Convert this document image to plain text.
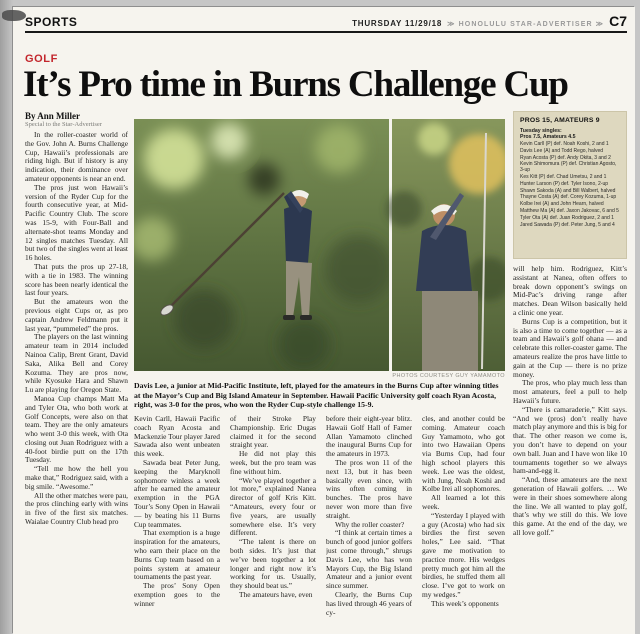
SPORTS	THURSDAY 11/29/18 ≫ HONOLULU STAR-ADVERTISER ≫ C7
GOLF
It’s Pro time in Burns Challenge Cup
By Ann Miller
Special to the Star-Advertiser

In the roller-coaster world of the Gov. John A. Burns Challenge Cup, Hawaii’s professionals are riding high. But if history is any indication, their dominance over amateur opponents is near an end.

The pros just won Hawaii’s version of the Ryder Cup for the fourth consecutive year, at Mid-Pacific Country Club. The score was 15-9, with Four-Ball and alternate-shot teams Monday and 12 singles matches Tuesday. All but two of the singles went at least 16 holes.

That puts the pros up 27-18, with a tie in 1983. The winning score has been nearly identical the last four years.

But the amateurs won the previous eight Cups or, as pro captain Andrew Feldmann put it last year, “pummeled” the pros.

The players on the last winning amateur team in 2014 included Nainoa Calip, Brent Grant, David Saka, Alika Bell and Corey Kozuma. They are pros now, while Kyosuke Hara and Shawn Lu are playing for Oregon State.

Manoa Cup champs Matt Ma and Tyler Ota, who both work at Golf Concepts, were also on that team. They are the only amateurs who went 3-0 this week, with Ota closing out Juan Rodriguez with a 40-foot birdie putt on the 17th Tuesday.

“Tell me how the hell you make that,” Rodriguez said, with a big smile. “Awesome.”

All the other matches were pau, the pros clinching early with wins in five of the first six matches. Waialae Country Club head pro

PHOTOS COURTESY GUY YAMAMOTO
Davis Lee, a junior at Mid-Pacific Institute, left, played for the amateurs in the Burns Cup after winning titles at the Mayor’s Cup and Big Island Amateur in September. Hawaii Pacific University golf coach Ryan Acosta, right, was 3-0 for the pros, who won the Ryder Cup-style challenge 15-9.
PROS 15, AMATEURS 9
Tuesday singles:
Pros 7.5, Amateurs 4.5
Kevin Carll (P) def. Noah Koshi, 2 and 1
Davis Lee (A) and Todd Rego, halved
Ryan Acosta (P) def. Andy Okita, 3 and 2
Kevin Shimomura (P) def. Christian Agosto, 3-up
Kes Kitt (P) def. Chad Umetsu, 2 and 1
Hunter Larson (P) def. Tyler Isono, 2-up
Shawn Sakoda (A) and Bill Walbert, halved
Thayne Costa (A) def. Corey Kozuma, 1-up
Kolbe Irei (A) and John Hearn, halved
Matthew Ma (A) def. Jaxon Jakovac, 6 and 5
Tyler Ota (A) def. Juan Rodriguez, 2 and 1
Jared Sawada (P) def. Peter Jung, 5 and 4

Kevin Carll, Hawaii Pacific coach Ryan Acosta and Mackenzie Tour player Jared Sawada also went unbeaten this week.

Sawada beat Peter Jung, keeping the Maryknoll sophomore winless a week after he earned the amateur exemption in the PGA Tour’s Sony Open in Hawaii — by beating his 11 Burns Cup teammates.

That exemption is a huge inspiration for the amateurs, who earn their place on the Burns Cup team based on a points system at amateur tournaments the past year.

The pros’ Sony Open exemption goes to the winner

of their Stroke Play Championship. Eric Dugas claimed it for the second straight year.

He did not play this week, but the pro team was fine without him.

“We’ve played together a lot more,” explained Nanea director of golf Kris Kitt. “Amateurs, every four or five years, are usually somewhere else. It’s very different.

“The talent is there on both sides. It’s just that we’ve been together a lot longer and right now it’s working for us. Usually, they should beat us.”

The amateurs have, even

before their eight-year blitz. Hawaii Golf Hall of Famer Allan Yamamoto clinched the inaugural Burns Cup for the amateurs in 1973.

The pros won 11 of the next 13, but it has been basically even since, with wins often coming in bunches. The pros have never won more than five straight.

Why the roller coaster?

“I think at certain times a bunch of good junior golfers just come through,” shrugs Davis Lee, who has won Mayors Cup, the Big Island Amateur and a junior event since summer.

Clearly, the Burns Cup has lived through 46 years of cy-

cles, and another could be coming. Amateur coach Guy Yamamoto, who got into two Hawaiian Opens via Burns Cup, had four high school players this week. Lee was the oldest, with Jung, Noah Koshi and Kolbe Irei all sophomores.

All learned a lot this week.

“Yesterday I played with a guy (Acosta) who had six birdies the first seven holes,” Lee said. “That gave me motivation to practice more. His wedges pretty much got him all the birdies, he stuffed them all close. I’ve got to work on my wedges.”

This week’s opponents

will help him. Rodriguez, Kitt’s assistant at Nanea, often offers to break down opponent’s swings on Mid-Pac’s driving range after matches. Dean Wilson basically held a clinic one year.

Burns Cup is a competition, but it is also a time to come together — as a team and Hawaii’s golf ohana — and celebrate this roller-coaster game. The amateurs realize the pros have little to gain at the Cup — there is no prize money.

The pros, who play much less than most amateurs, feel a pull to help Hawaii’s future.

“There is camaraderie,” Kitt says. “And we (pros) don’t really have match play anymore and this is big for that. The other reason we come is, you don’t have to depend on your own ball. Juan and I have won like 10 tournaments together so we always ham-and-egg it.

“And, these amateurs are the next generation of Hawaii golfers. … We were in their shoes somewhere along the line. We all wanted to play golf, that’s why we still do this. We love this game. At the end of the day, we all love golf.”
